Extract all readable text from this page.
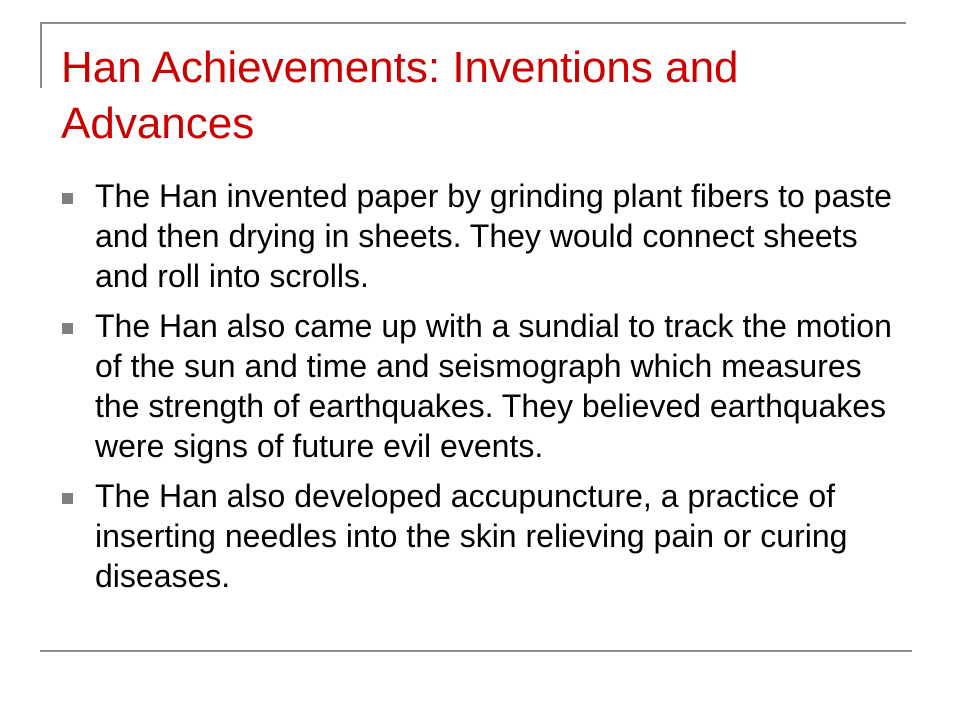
Han Achievements: Inventions and Advances
The Han invented paper by grinding plant fibers to paste and then drying in sheets. They would connect sheets and roll into scrolls.
The Han also came up with a sundial to track the motion of the sun and time and seismograph which measures the strength of earthquakes. They believed earthquakes were signs of future evil events.
The Han also developed accupuncture, a practice of inserting needles into the skin relieving pain or curing diseases.
